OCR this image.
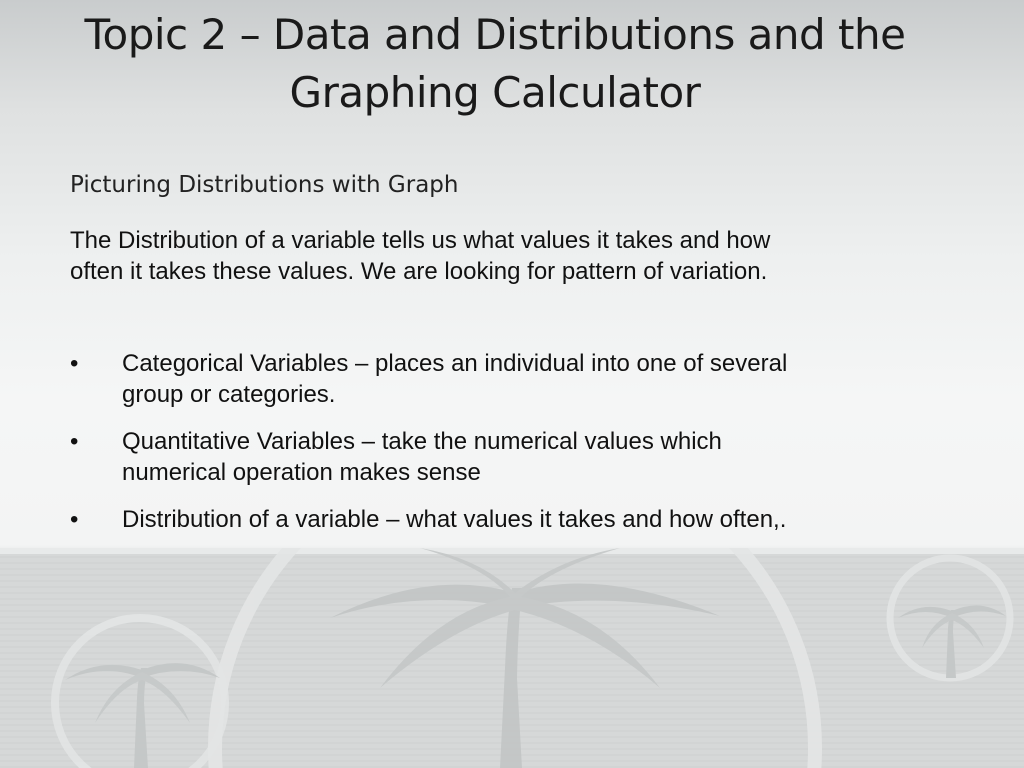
Topic 2 – Data and Distributions and the
Graphing Calculator
Picturing Distributions with Graph

The Distribution of a variable tells us what values it takes and how
often it takes these values. We are looking for pattern of variation.

•	Categorical Variables – places an individual into one of several
group or categories.
•	Quantitative Variables – take the numerical values which
numerical operation makes sense
•	Distribution of a variable – what values it takes and how often,.
